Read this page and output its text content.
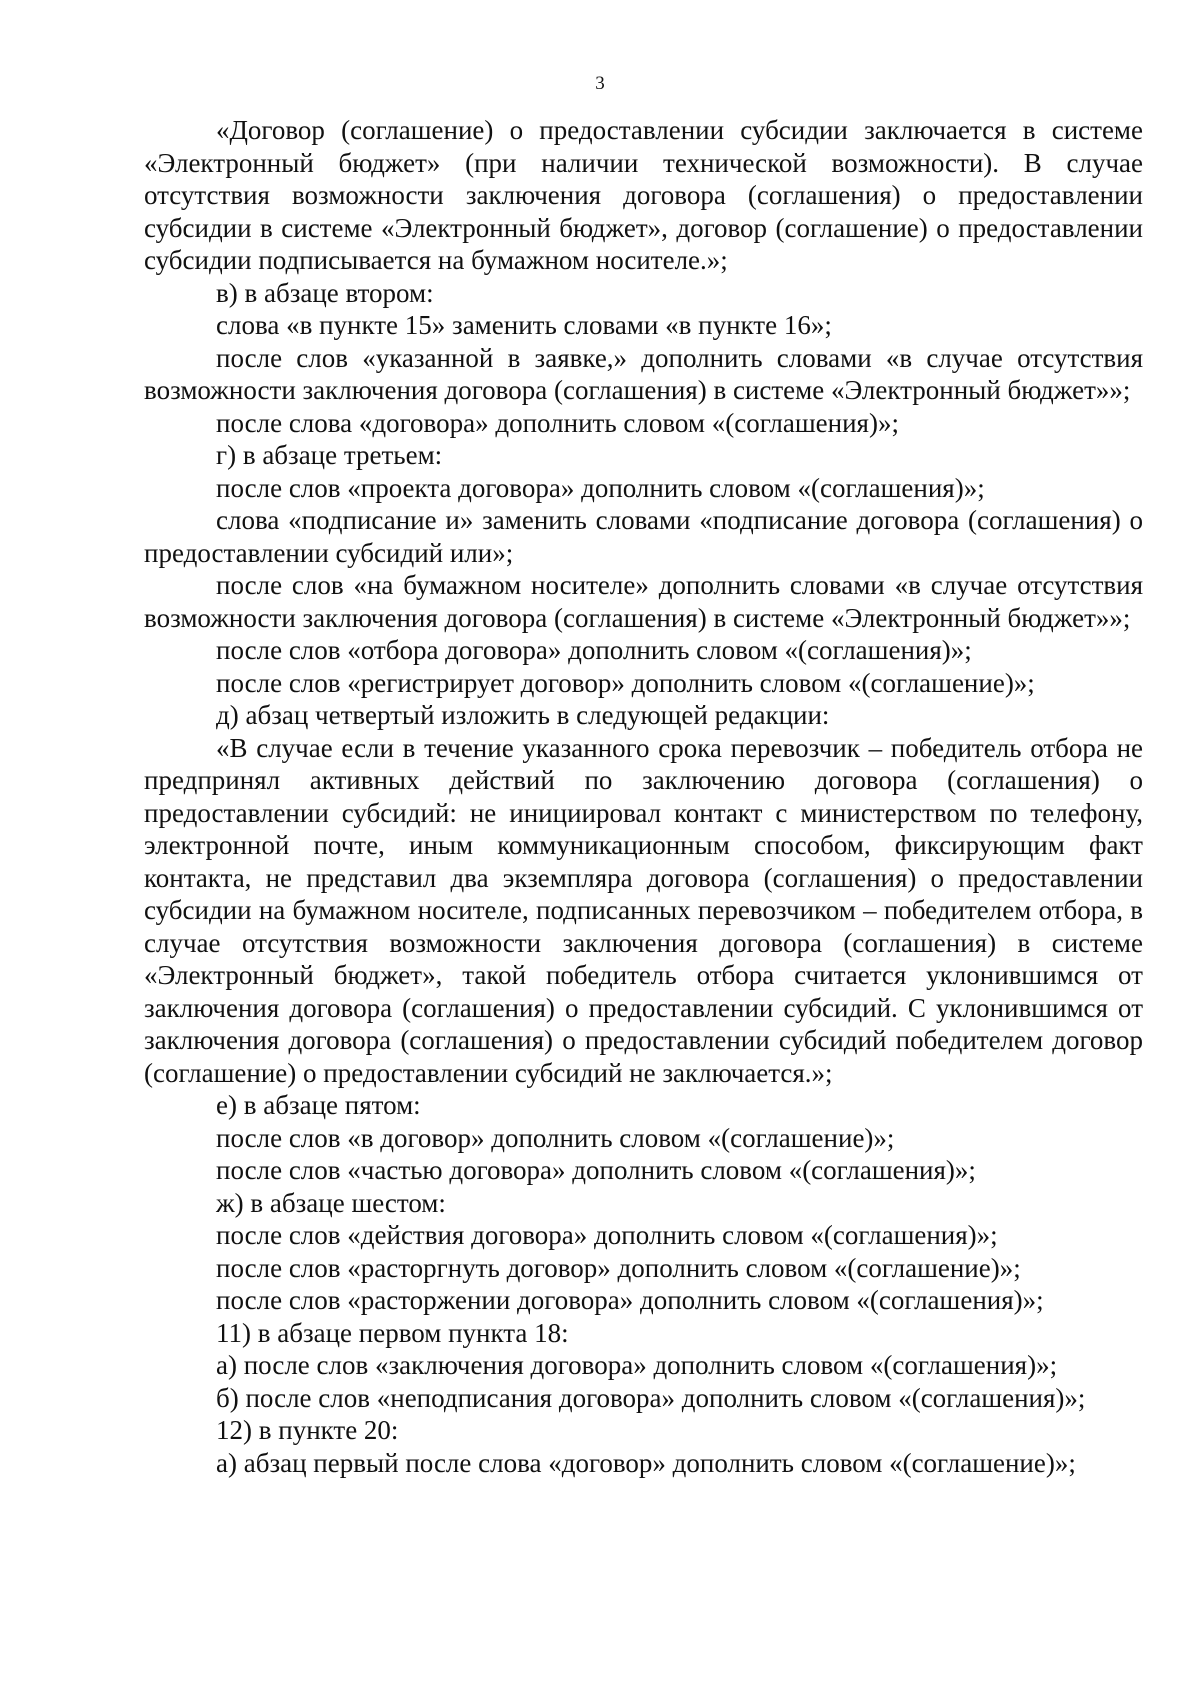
3

«Договор (соглашение) о предоставлении субсидии заключается в системе «Электронный бюджет» (при наличии технической возможности). В случае отсутствия возможности заключения договора (соглашения) о предоставлении субсидии в системе «Электронный бюджет», договор (соглашение) о предоставлении субсидии подписывается на бумажном носителе.»;

в) в абзаце втором:

слова «в пункте 15» заменить словами «в пункте 16»;

после слов «указанной в заявке,» дополнить словами «в случае отсутствия возможности заключения договора (соглашения) в системе «Электронный бюджет»»;

после слова «договора» дополнить словом «(соглашения)»;

г) в абзаце третьем:

после слов «проекта договора» дополнить словом «(соглашения)»;

слова «подписание и» заменить словами «подписание договора (соглашения) о предоставлении субсидий или»;

после слов «на бумажном носителе» дополнить словами «в случае отсутствия возможности заключения договора (соглашения) в системе «Электронный бюджет»»;

после слов «отбора договора» дополнить словом «(соглашения)»;

после слов «регистрирует договор» дополнить словом «(соглашение)»;

д) абзац четвертый изложить в следующей редакции:

«В случае если в течение указанного срока перевозчик – победитель отбора не предпринял активных действий по заключению договора (соглашения) о предоставлении субсидий: не инициировал контакт с министерством по телефону, электронной почте, иным коммуникационным способом, фиксирующим факт контакта, не представил два экземпляра договора (соглашения) о предоставлении субсидии на бумажном носителе, подписанных перевозчиком – победителем отбора, в случае отсутствия возможности заключения договора (соглашения) в системе «Электронный бюджет», такой победитель отбора считается уклонившимся от заключения договора (соглашения) о предоставлении субсидий. С уклонившимся от заключения договора (соглашения) о предоставлении субсидий победителем договор (соглашение) о предоставлении субсидий не заключается.»;

е) в абзаце пятом:

после слов «в договор» дополнить словом «(соглашение)»;

после слов «частью договора» дополнить словом «(соглашения)»;

ж) в абзаце шестом:

после слов «действия договора» дополнить словом «(соглашения)»;

после слов «расторгнуть договор» дополнить словом «(соглашение)»;

после слов «расторжении договора» дополнить словом «(соглашения)»;

11) в абзаце первом пункта 18:

а) после слов «заключения договора» дополнить словом «(соглашения)»;

б) после слов «неподписания договора» дополнить словом «(соглашения)»;

12) в пункте 20:

а) абзац первый после слова «договор» дополнить словом «(соглашение)»;
